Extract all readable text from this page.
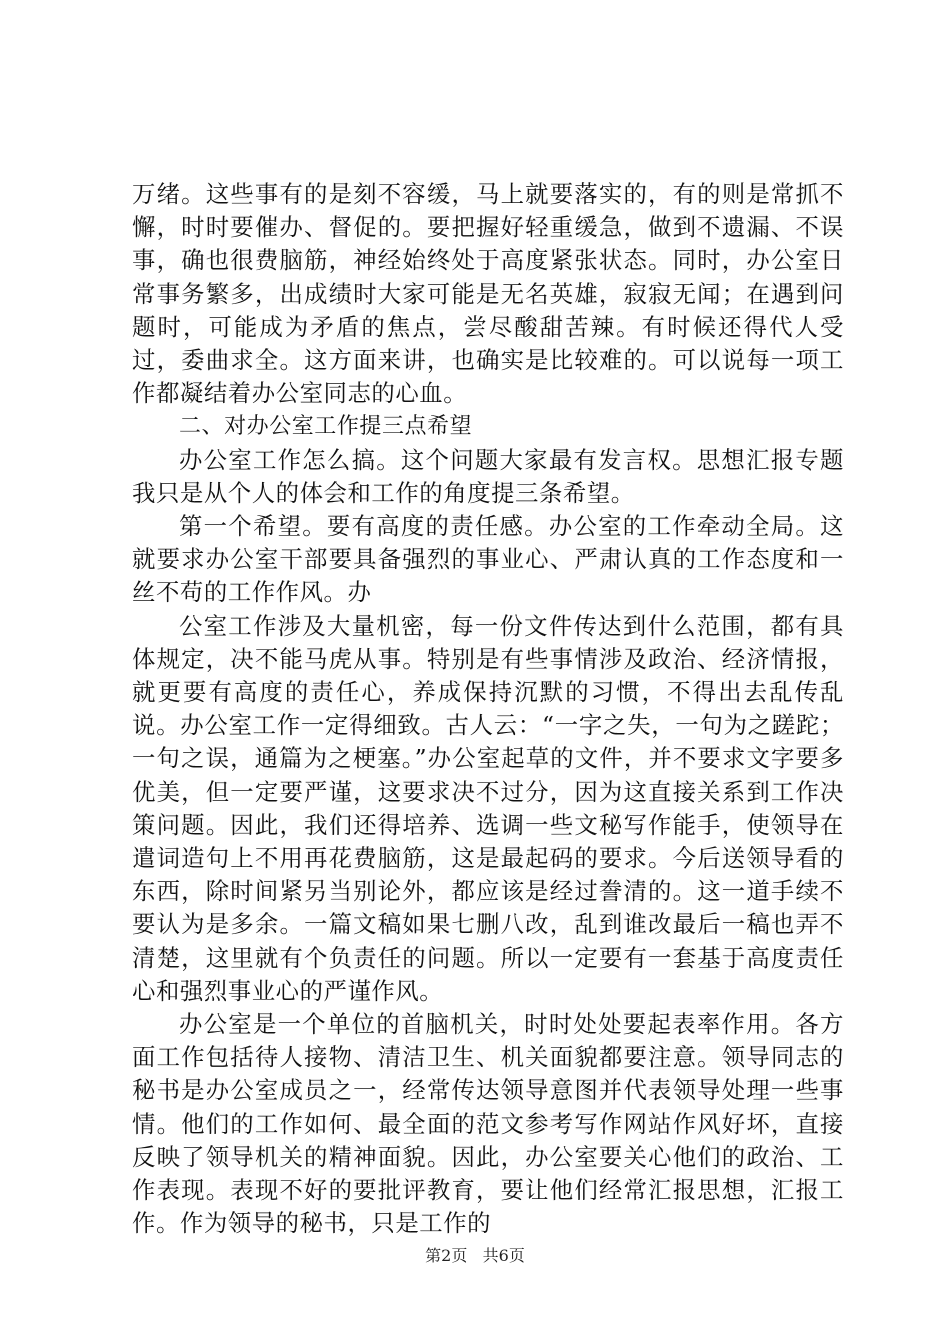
万绪。这些事有的是刻不容缓，马上就要落实的，有的则是常抓不懈，时时要催办、督促的。要把握好轻重缓急，做到不遗漏、不误事，确也很费脑筋，神经始终处于高度紧张状态。同时，办公室日常事务繁多，出成绩时大家可能是无名英雄，寂寂无闻；在遇到问题时，可能成为矛盾的焦点，尝尽酸甜苦辣。有时候还得代人受过，委曲求全。这方面来讲，也确实是比较难的。可以说每一项工作都凝结着办公室同志的心血。

二、对办公室工作提三点希望

办公室工作怎么搞。这个问题大家最有发言权。思想汇报专题我只是从个人的体会和工作的角度提三条希望。

第一个希望。要有高度的责任感。办公室的工作牵动全局。这就要求办公室干部要具备强烈的事业心、严肃认真的工作态度和一丝不苟的工作作风。办

公室工作涉及大量机密，每一份文件传达到什么范围，都有具体规定，决不能马虎从事。特别是有些事情涉及政治、经济情报，就更要有高度的责任心，养成保持沉默的习惯，不得出去乱传乱说。办公室工作一定得细致。古人云：“一字之失，一句为之蹉跎；一句之误，通篇为之梗塞。”办公室起草的文件，并不要求文字要多优美，但一定要严谨，这要求决不过分，因为这直接关系到工作决策问题。因此，我们还得培养、选调一些文秘写作能手，使领导在遣词造句上不用再花费脑筋，这是最起码的要求。今后送领导看的东西，除时间紧另当别论外，都应该是经过誊清的。这一道手续不要认为是多余。一篇文稿如果七删八改，乱到谁改最后一稿也弄不清楚，这里就有个负责任的问题。所以一定要有一套基于高度责任心和强烈事业心的严谨作风。

办公室是一个单位的首脑机关，时时处处要起表率作用。各方面工作包括待人接物、清洁卫生、机关面貌都要注意。领导同志的秘书是办公室成员之一，经常传达领导意图并代表领导处理一些事情。他们的工作如何、最全面的范文参考写作网站作风好坏，直接反映了领导机关的精神面貌。因此，办公室要关心他们的政治、工作表现。表现不好的要批评教育，要让他们经常汇报思想，汇报工作。作为领导的秘书，只是工作的

第2页 共6页
